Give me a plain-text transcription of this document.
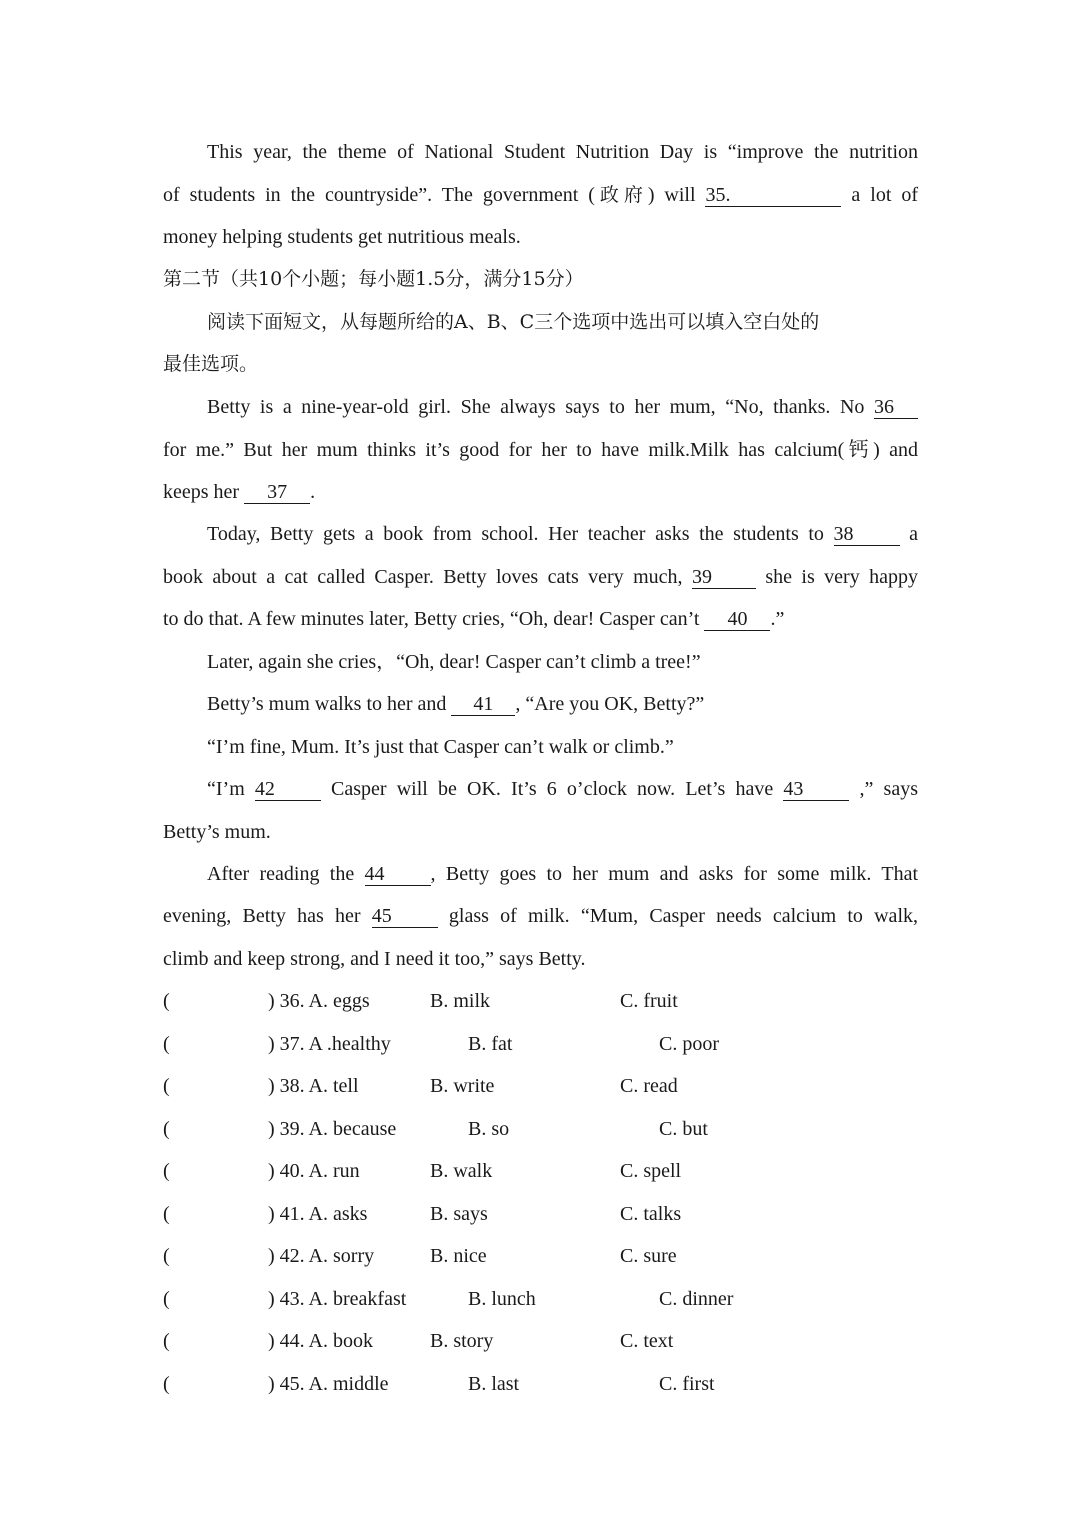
This year, the theme of National Student Nutrition Day is “improve the nutrition
of students in the countryside”. The government (政府) will 35.	a lot of
money helping students get nutritious meals.
第二节（共10个小题；每小题1.5分，满分15分）
阅读下面短文，从每题所给的A、B、C三个选项中选出可以填入空白处的
最佳选项。
Betty is a nine-year-old girl. She always says to her mum, “No, thanks. No 36
for me.” But her mum thinks it’s good for her to have milk.Milk has calcium(钙) and
keeps her 37 .
Today, Betty gets a book from school. Her teacher asks the students to 38 a
book about a cat called Casper. Betty loves cats very much, 39 she is very happy
to do that. A few minutes later, Betty cries, “Oh, dear! Casper can’t 40 .”
Later, again she cries，“Oh, dear! Casper can’t climb a tree!”
Betty’s mum walks to her and 41 , “Are you OK, Betty?”
“I’m fine, Mum. It’s just that Casper can’t walk or climb.”
“I’m 42 Casper will be OK. It’s 6 o’clock now. Let’s have 43 ,” says
Betty’s mum.
After reading the 44 , Betty goes to her mum and asks for some milk. That
evening, Betty has her 45 glass of milk. “Mum, Casper needs calcium to walk,
climb and keep strong, and I need it too,” says Betty.
(	) 36. A. eggs	B. milk	C. fruit
(	) 37. A .healthy	B. fat	C. poor
(	) 38. A. tell	B. write	C. read
(	) 39. A. because	B. so	C. but
(	) 40. A. run	B. walk	C. spell
(	) 41. A. asks	B. says	C. talks
(	) 42. A. sorry	B. nice	C. sure
(	) 43. A. breakfast	B. lunch	C. dinner
(	) 44. A. book	B. story	C. text
(	) 45. A. middle	B. last	C. first
